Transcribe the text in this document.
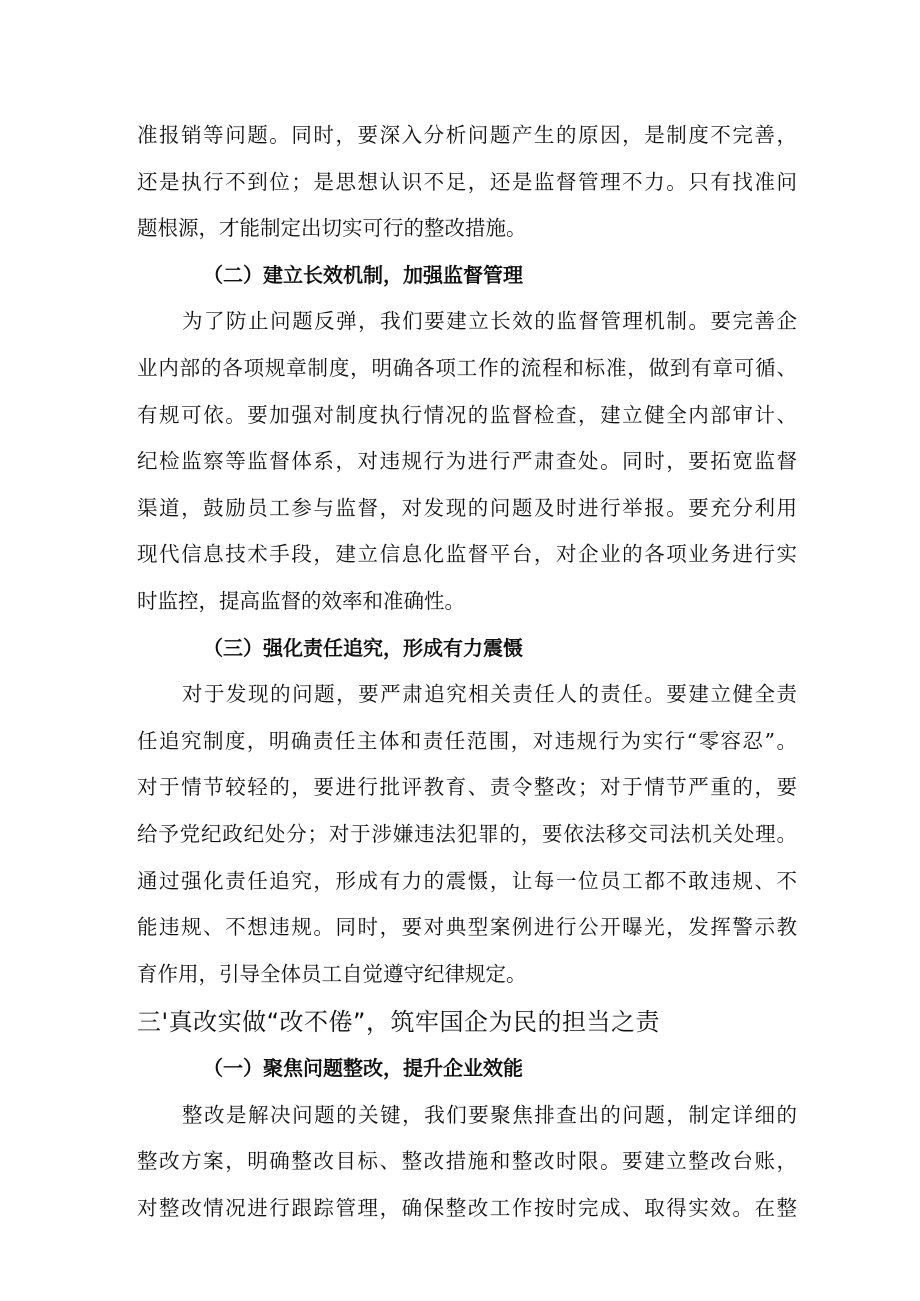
准报销等问题。同时，要深入分析问题产生的原因，是制度不完善，
还是执行不到位；是思想认识不足，还是监督管理不力。只有找准问
题根源，才能制定出切实可行的整改措施。
（二）建立长效机制，加强监督管理
为了防止问题反弹，我们要建立长效的监督管理机制。要完善企
业内部的各项规章制度，明确各项工作的流程和标准，做到有章可循、
有规可依。要加强对制度执行情况的监督检查，建立健全内部审计、
纪检监察等监督体系，对违规行为进行严肃查处。同时，要拓宽监督
渠道，鼓励员工参与监督，对发现的问题及时进行举报。要充分利用
现代信息技术手段，建立信息化监督平台，对企业的各项业务进行实
时监控，提高监督的效率和准确性。
（三）强化责任追究，形成有力震慑
对于发现的问题，要严肃追究相关责任人的责任。要建立健全责
任追究制度，明确责任主体和责任范围，对违规行为实行“零容忍”。
对于情节较轻的，要进行批评教育、责令整改；对于情节严重的，要
给予党纪政纪处分；对于涉嫌违法犯罪的，要依法移交司法机关处理。
通过强化责任追究，形成有力的震慑，让每一位员工都不敢违规、不
能违规、不想违规。同时，要对典型案例进行公开曝光，发挥警示教
育作用，引导全体员工自觉遵守纪律规定。
三'真改实做“改不倦”，筑牢国企为民的担当之责
（一）聚焦问题整改，提升企业效能
整改是解决问题的关键，我们要聚焦排查出的问题，制定详细的
整改方案，明确整改目标、整改措施和整改时限。要建立整改台账，
对整改情况进行跟踪管理，确保整改工作按时完成、取得实效。在整
